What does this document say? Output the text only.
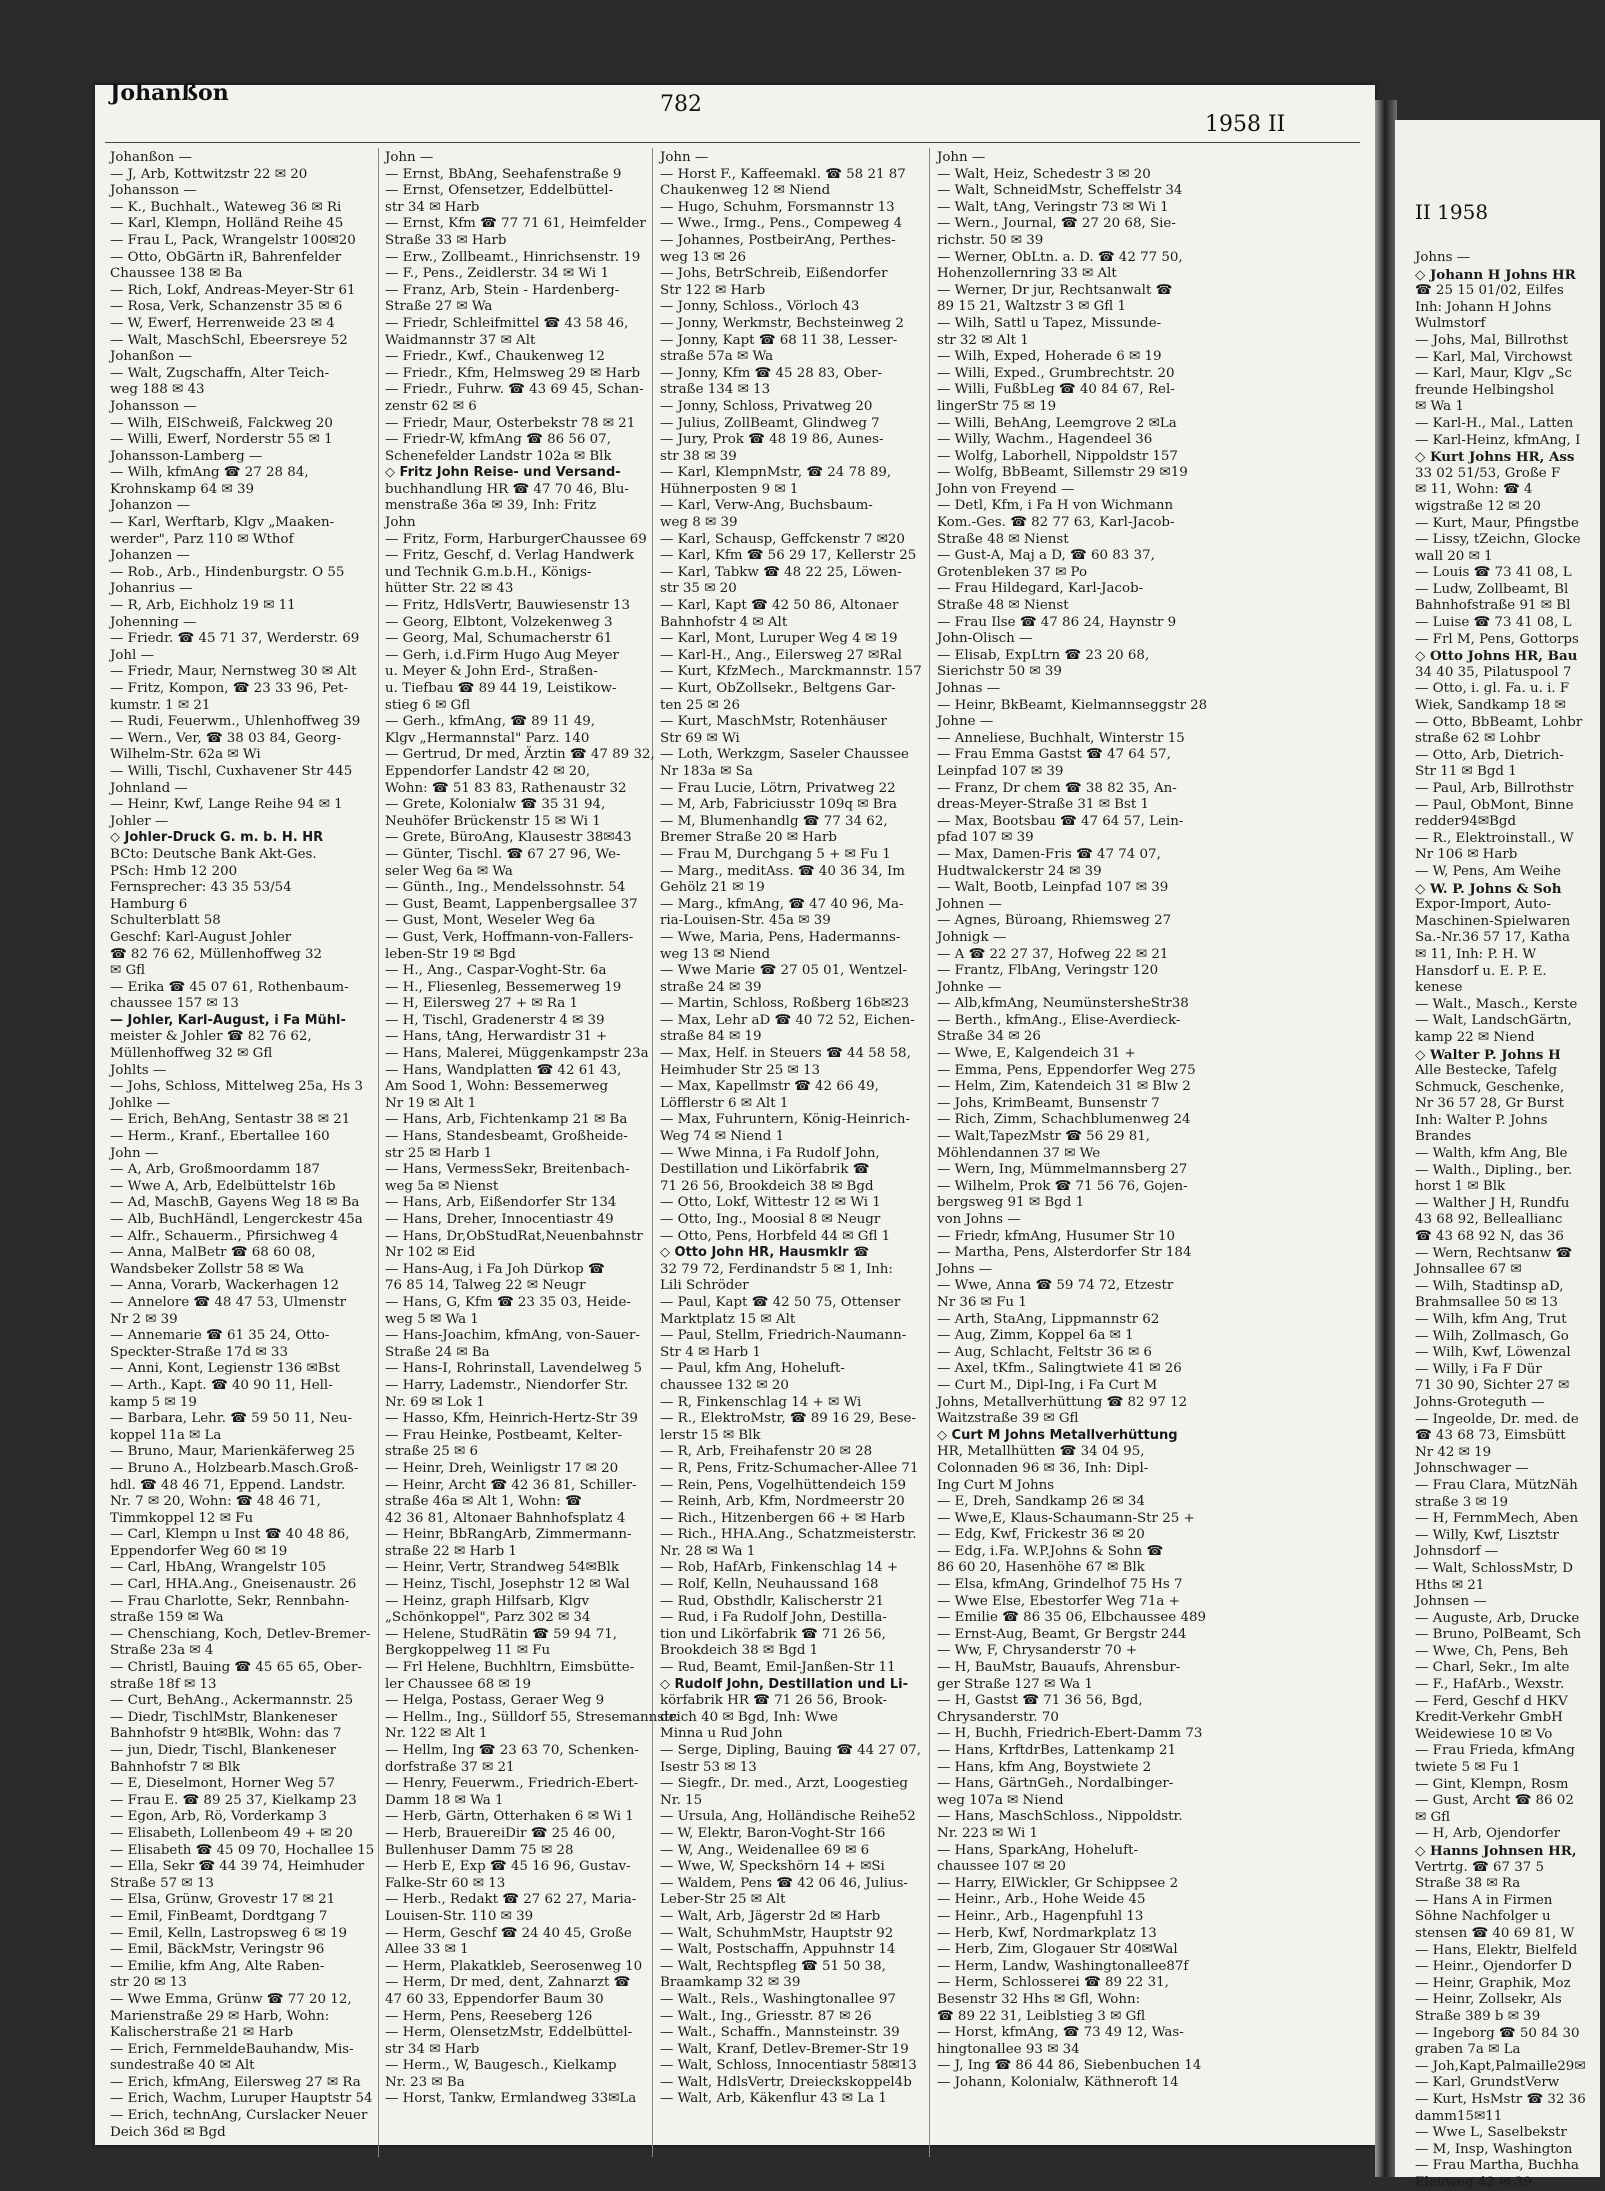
II 1958
Johns —
◇ Johann H Johns HR
☎ 25 15 01/02, Eilfes
Inh: Johann H Johns
Wulmstorf
— Johs, Mal, Billrothst
— Karl, Mal, Virchowst
— Karl, Maur, Klgv „Sc
freunde Helbingshol
✉ Wa 1
— Karl-H., Mal., Latten
— Karl-Heinz, kfmAng, I
◇ Kurt Johns HR, Ass
33 02 51/53, Große F
✉ 11, Wohn: ☎ 4
wigstraße 12 ✉ 20
— Kurt, Maur, Pfingstbe
— Lissy, tZeichn, Glocke
wall 20 ✉ 1
— Louis ☎ 73 41 08, L
— Ludw, Zollbeamt, Bl
Bahnhofstraße 91 ✉ Bl
— Luise ☎ 73 41 08, L
— Frl M, Pens, Gottorps
◇ Otto Johns HR, Bau
34 40 35, Pilatuspool 7
— Otto, i. gl. Fa. u. i. F
Wiek, Sandkamp 18 ✉
— Otto, BbBeamt, Lohbr
straße 62 ✉ Lohbr
— Otto, Arb, Dietrich-
Str 11 ✉ Bgd 1
— Paul, Arb, Billrothstr
— Paul, ObMont, Binne
redder94✉Bgd
— R., Elektroinstall., W
Nr 106 ✉ Harb
— W, Pens, Am Weihe
◇ W. P. Johns & Soh
Expor-Import, Auto-
Maschinen-Spielwaren
Sa.-Nr.36 57 17, Katha
✉ 11, Inh: P. H. W
Hansdorf u. E. P. E.
kenese
— Walt., Masch., Kerste
— Walt, LandschGärtn,
kamp 22 ✉ Niend
◇ Walter P. Johns H
Alle Bestecke, Tafelg
Schmuck, Geschenke,
Nr 36 57 28, Gr Burst
Inh: Walter P. Johns
Brandes
— Walth, kfm Ang, Ble
— Walth., Dipling., ber.
horst 1 ✉ Blk
— Walther J H, Rundfu
43 68 92, Belleallianc
☎ 43 68 92 N, das 36
— Wern, Rechtsanw ☎
Johnsallee 67 ✉
— Wilh, Stadtinsp aD,
Brahmsallee 50 ✉ 13
— Wilh, kfm Ang, Trut
— Wilh, Zollmasch, Go
— Wilh, Kwf, Löwenzal
— Willy, i Fa F Dür
71 30 90, Sichter 27 ✉
Johns-Groteguth —
— Ingeolde, Dr. med. de
☎ 43 68 73, Eimsbütt
Nr 42 ✉ 19
Johnschwager —
— Frau Clara, MützNäh
straße 3 ✉ 19
— H, FernmMech, Aben
— Willy, Kwf, Lisztstr
Johnsdorf —
— Walt, SchlossMstr, D
Hths ✉ 21
Johnsen —
— Auguste, Arb, Drucke
— Bruno, PolBeamt, Sch
— Wwe, Ch, Pens, Beh
— Charl, Sekr., Im alte
— F., HafArb., Wexstr.
— Ferd, Geschf d HKV
Kredit-Verkehr GmbH
Weidewiese 10 ✉ Vo
— Frau Frieda, kfmAng
twiete 5 ✉ Fu 1
— Gint, Klempn, Rosm
— Gust, Archt ☎ 86 02
✉ Gfl
— H, Arb, Ojendorfer
◇ Hanns Johnsen HR,
Vertrtg. ☎ 67 37 5
Straße 38 ✉ Ra
— Hans A in Firmen
Söhne Nachfolger u
stensen ☎ 40 69 81, W
— Hans, Elektr, Bielfeld
— Heinr., Ojendorfer D
— Heinr, Graphik, Moz
— Heinr, Zollsekr, Als
Straße 389 b ✉ 39
— Ingeborg ☎ 50 84 30
graben 7a ✉ La
— Joh,Kapt,Palmaille29✉
— Karl, GrundstVerw
— Kurt, HsMstr ☎ 32 36
damm15✉11
— Wwe L, Saselbekstr
— M, Insp, Washington
— Frau Martha, Buchha
Eleuweg 42 ✉ 39
Johanßon	782
1958 II
Johanßon —
— J, Arb, Kottwitzstr 22 ✉ 20
Johansson —
— K., Buchhalt., Wateweg 36 ✉ Ri
— Karl, Klempn, Holländ Reihe 45
— Frau L, Pack, Wrangelstr 100✉20
— Otto, ObGärtn iR, Bahrenfelder
Chaussee 138 ✉ Ba
— Rich, Lokf, Andreas-Meyer-Str 61
— Rosa, Verk, Schanzenstr 35 ✉ 6
— W, Ewerf, Herrenweide 23 ✉ 4
— Walt, MaschSchl, Ebeersreye 52
Johanßon —
— Walt, Zugschaffn, Alter Teich-
weg 188 ✉ 43
Johansson —
— Wilh, ElSchweiß, Falckweg 20
— Willi, Ewerf, Norderstr 55 ✉ 1
Johansson-Lamberg —
— Wilh, kfmAng ☎ 27 28 84,
Krohnskamp 64 ✉ 39
Johanzon —
— Karl, Werftarb, Klgv „Maaken-
werder", Parz 110 ✉ Wthof
Johanzen —
— Rob., Arb., Hindenburgstr. O 55
Johanrius —
— R, Arb, Eichholz 19 ✉ 11
Johenning —
— Friedr. ☎ 45 71 37, Werderstr. 69
Johl —
— Friedr, Maur, Nernstweg 30 ✉ Alt
— Fritz, Kompon, ☎ 23 33 96, Pet-
kumstr. 1 ✉ 21
— Rudi, Feuerwm., Uhlenhoffweg 39
— Wern., Ver, ☎ 38 03 84, Georg-
Wilhelm-Str. 62a ✉ Wi
— Willi, Tischl, Cuxhavener Str 445
Johnland —
— Heinr, Kwf, Lange Reihe 94 ✉ 1
Johler —
◇ Johler-Druck G. m. b. H. HR
BCto: Deutsche Bank Akt-Ges.
PSch: Hmb 12 200
Fernsprecher: 43 35 53/54
Hamburg 6
Schulterblatt 58
Geschf: Karl-August Johler
☎ 82 76 62, Müllenhoffweg 32
✉ Gfl
— Erika ☎ 45 07 61, Rothenbaum-
chaussee 157 ✉ 13
— Johler, Karl-August, i Fa Mühl-
meister & Johler ☎ 82 76 62,
Müllenhoffweg 32 ✉ Gfl
Johlts —
— Johs, Schloss, Mittelweg 25a, Hs 3
Johlke —
— Erich, BehAng, Sentastr 38 ✉ 21
— Herm., Kranf., Ebertallee 160
John —
— A, Arb, Großmoordamm 187
— Wwe A, Arb, Edelbüttelstr 16b
— Ad, MaschB, Gayens Weg 18 ✉ Ba
— Alb, BuchHändl, Lengerckestr 45a
— Alfr., Schauerm., Pfirsichweg 4
— Anna, MalBetr ☎ 68 60 08,
Wandsbeker Zollstr 58 ✉ Wa
— Anna, Vorarb, Wackerhagen 12
— Annelore ☎ 48 47 53, Ulmenstr
Nr 2 ✉ 39
— Annemarie ☎ 61 35 24, Otto-
Speckter-Straße 17d ✉ 33
— Anni, Kont, Legienstr 136 ✉Bst
— Arth., Kapt. ☎ 40 90 11, Hell-
kamp 5 ✉ 19
— Barbara, Lehr. ☎ 59 50 11, Neu-
koppel 11a ✉ La
— Bruno, Maur, Marienkäferweg 25
— Bruno A., Holzbearb.Masch.Groß-
hdl. ☎ 48 46 71, Eppend. Landstr.
Nr. 7 ✉ 20, Wohn: ☎ 48 46 71,
Timmkoppel 12 ✉ Fu
— Carl, Klempn u Inst ☎ 40 48 86,
Eppendorfer Weg 60 ✉ 19
— Carl, HbAng, Wrangelstr 105
— Carl, HHA.Ang., Gneisenaustr. 26
— Frau Charlotte, Sekr, Rennbahn-
straße 159 ✉ Wa
— Chenschiang, Koch, Detlev-Bremer-
Straße 23a ✉ 4
— Christl, Bauing ☎ 45 65 65, Ober-
straße 18f ✉ 13
— Curt, BehAng., Ackermannstr. 25
— Diedr, TischlMstr, Blankeneser
Bahnhofstr 9 ht✉Blk, Wohn: das 7
— jun, Diedr, Tischl, Blankeneser
Bahnhofstr 7 ✉ Blk
— E, Dieselmont, Horner Weg 57
— Frau E. ☎ 89 25 37, Kielkamp 23
— Egon, Arb, Rö, Vorderkamp 3
— Elisabeth, Lollenbeom 49 + ✉ 20
— Elisabeth ☎ 45 09 70, Hochallee 15
— Ella, Sekr ☎ 44 39 74, Heimhuder
Straße 57 ✉ 13
— Elsa, Grünw, Grovestr 17 ✉ 21
— Emil, FinBeamt, Dordtgang 7
— Emil, Kelln, Lastropsweg 6 ✉ 19
— Emil, BäckMstr, Veringstr 96
— Emilie, kfm Ang, Alte Raben-
str 20 ✉ 13
— Wwe Emma, Grünw ☎ 77 20 12,
Marienstraße 29 ✉ Harb, Wohn:
Kalischerstraße 21 ✉ Harb
— Erich, FernmeldeBauhandw, Mis-
sundestraße 40 ✉ Alt
— Erich, kfmAng, Eilersweg 27 ✉ Ra
— Erich, Wachm, Luruper Hauptstr 54
— Erich, technAng, Curslacker Neuer
Deich 36d ✉ Bgd
John —
— Ernst, BbAng, Seehafenstraße 9
— Ernst, Ofensetzer, Eddelbüttel-
str 34 ✉ Harb
— Ernst, Kfm ☎ 77 71 61, Heimfelder
Straße 33 ✉ Harb
— Erw., Zollbeamt., Hinrichsenstr. 19
— F., Pens., Zeidlerstr. 34 ✉ Wi 1
— Franz, Arb, Stein - Hardenberg-
Straße 27 ✉ Wa
— Friedr, Schleifmittel ☎ 43 58 46,
Waidmannstr 37 ✉ Alt
— Friedr., Kwf., Chaukenweg 12
— Friedr., Kfm, Helmsweg 29 ✉ Harb
— Friedr., Fuhrw. ☎ 43 69 45, Schan-
zenstr 62 ✉ 6
— Friedr, Maur, Osterbekstr 78 ✉ 21
— Friedr-W, kfmAng ☎ 86 56 07,
Schenefelder Landstr 102a ✉ Blk
◇ Fritz John Reise- und Versand-
buchhandlung HR ☎ 47 70 46, Blu-
menstraße 36a ✉ 39, Inh: Fritz
John
— Fritz, Form, HarburgerChaussee 69
— Fritz, Geschf, d. Verlag Handwerk
und Technik G.m.b.H., Königs-
hütter Str. 22 ✉ 43
— Fritz, HdlsVertr, Bauwiesenstr 13
— Georg, Elbtont, Volzekenweg 3
— Georg, Mal, Schumacherstr 61
— Gerh, i.d.Firm Hugo Aug Meyer
u. Meyer & John Erd-, Straßen-
u. Tiefbau ☎ 89 44 19, Leistikow-
stieg 6 ✉ Gfl
— Gerh., kfmAng, ☎ 89 11 49,
Klgv „Hermannstal" Parz. 140
— Gertrud, Dr med, Ärztin ☎ 47 89 32,
Eppendorfer Landstr 42 ✉ 20,
Wohn: ☎ 51 83 83, Rathenaustr 32
— Grete, Kolonialw ☎ 35 31 94,
Neuhöfer Brückenstr 15 ✉ Wi 1
— Grete, BüroAng, Klausestr 38✉43
— Günter, Tischl. ☎ 67 27 96, We-
seler Weg 6a ✉ Wa
— Günth., Ing., Mendelssohnstr. 54
— Gust, Beamt, Lappenbergsallee 37
— Gust, Mont, Weseler Weg 6a
— Gust, Verk, Hoffmann-von-Fallers-
leben-Str 19 ✉ Bgd
— H., Ang., Caspar-Voght-Str. 6a
— H., Fliesenleg, Bessemerweg 19
— H, Eilersweg 27 + ✉ Ra 1
— H, Tischl, Gradenerstr 4 ✉ 39
— Hans, tAng, Herwardistr 31 +
— Hans, Malerei, Müggenkampstr 23a
— Hans, Wandplatten ☎ 42 61 43,
Am Sood 1, Wohn: Bessemerweg
Nr 19 ✉ Alt 1
— Hans, Arb, Fichtenkamp 21 ✉ Ba
— Hans, Standesbeamt, Großheide-
str 25 ✉ Harb 1
— Hans, VermessSekr, Breitenbach-
weg 5a ✉ Nienst
— Hans, Arb, Eißendorfer Str 134
— Hans, Dreher, Innocentiastr 49
— Hans, Dr,ObStudRat,Neuenbahnstr
Nr 102 ✉ Eid
— Hans-Aug, i Fa Joh Dürkop ☎
76 85 14, Talweg 22 ✉ Neugr
— Hans, G, Kfm ☎ 23 35 03, Heide-
weg 5 ✉ Wa 1
— Hans-Joachim, kfmAng, von-Sauer-
Straße 24 ✉ Ba
— Hans-I, Rohrinstall, Lavendelweg 5
— Harry, Lademstr., Niendorfer Str.
Nr. 69 ✉ Lok 1
— Hasso, Kfm, Heinrich-Hertz-Str 39
— Frau Heinke, Postbeamt, Kelter-
straße 25 ✉ 6
— Heinr, Dreh, Weinligstr 17 ✉ 20
— Heinr, Archt ☎ 42 36 81, Schiller-
straße 46a ✉ Alt 1, Wohn: ☎
42 36 81, Altonaer Bahnhofsplatz 4
— Heinr, BbRangArb, Zimmermann-
straße 22 ✉ Harb 1
— Heinr, Vertr, Strandweg 54✉Blk
— Heinz, Tischl, Josephstr 12 ✉ Wal
— Heinz, graph Hilfsarb, Klgv
„Schönkoppel", Parz 302 ✉ 34
— Helene, StudRätin ☎ 59 94 71,
Bergkoppelweg 11 ✉ Fu
— Frl Helene, Buchhltrn, Eimsbütte-
ler Chaussee 68 ✉ 19
— Helga, Postass, Geraer Weg 9
— Hellm., Ing., Sülldorf 55, Stresemannstr.
Nr. 122 ✉ Alt 1
— Hellm, Ing ☎ 23 63 70, Schenken-
dorfstraße 37 ✉ 21
— Henry, Feuerwm., Friedrich-Ebert-
Damm 18 ✉ Wa 1
— Herb, Gärtn, Otterhaken 6 ✉ Wi 1
— Herb, BrauereiDir ☎ 25 46 00,
Bullenhuser Damm 75 ✉ 28
— Herb E, Exp ☎ 45 16 96, Gustav-
Falke-Str 60 ✉ 13
— Herb., Redakt ☎ 27 62 27, Maria-
Louisen-Str. 110 ✉ 39
— Herm, Geschf ☎ 24 40 45, Große
Allee 33 ✉ 1
— Herm, Plakatkleb, Seerosenweg 10
— Herm, Dr med, dent, Zahnarzt ☎
47 60 33, Eppendorfer Baum 30
— Herm, Pens, Reeseberg 126
— Herm, OlensetzMstr, Eddelbüttel-
str 34 ✉ Harb
— Herm., W, Baugesch., Kielkamp
Nr. 23 ✉ Ba
— Horst, Tankw, Ermlandweg 33✉La
John —
— Horst F., Kaffeemakl. ☎ 58 21 87
Chaukenweg 12 ✉ Niend
— Hugo, Schuhm, Forsmannstr 13
— Wwe., Irmg., Pens., Compeweg 4
— Johannes, PostbeirAng, Perthes-
weg 13 ✉ 26
— Johs, BetrSchreib, Eißendorfer
Str 122 ✉ Harb
— Jonny, Schloss., Vörloch 43
— Jonny, Werkmstr, Bechsteinweg 2
— Jonny, Kapt ☎ 68 11 38, Lesser-
straße 57a ✉ Wa
— Jonny, Kfm ☎ 45 28 83, Ober-
straße 134 ✉ 13
— Jonny, Schloss, Privatweg 20
— Julius, ZollBeamt, Glindweg 7
— Jury, Prok ☎ 48 19 86, Aunes-
str 38 ✉ 39
— Karl, KlempnMstr, ☎ 24 78 89,
Hühnerposten 9 ✉ 1
— Karl, Verw-Ang, Buchsbaum-
weg 8 ✉ 39
— Karl, Schausp, Geffckenstr 7 ✉20
— Karl, Kfm ☎ 56 29 17, Kellerstr 25
— Karl, Tabkw ☎ 48 22 25, Löwen-
str 35 ✉ 20
— Karl, Kapt ☎ 42 50 86, Altonaer
Bahnhofstr 4 ✉ Alt
— Karl, Mont, Luruper Weg 4 ✉ 19
— Karl-H., Ang., Eilersweg 27 ✉Ral
— Kurt, KfzMech., Marckmannstr. 157
— Kurt, ObZollsekr., Beltgens Gar-
ten 25 ✉ 26
— Kurt, MaschMstr, Rotenhäuser
Str 69 ✉ Wi
— Loth, Werkzgm, Saseler Chaussee
Nr 183a ✉ Sa
— Frau Lucie, Lötrn, Privatweg 22
— M, Arb, Fabriciusstr 109q ✉ Bra
— M, Blumenhandlg ☎ 77 34 62,
Bremer Straße 20 ✉ Harb
— Frau M, Durchgang 5 + ✉ Fu 1
— Marg., meditAss. ☎ 40 36 34, Im
Gehölz 21 ✉ 19
— Marg., kfmAng, ☎ 47 40 96, Ma-
ria-Louisen-Str. 45a ✉ 39
— Wwe, Maria, Pens, Hadermanns-
weg 13 ✉ Niend
— Wwe Marie ☎ 27 05 01, Wentzel-
straße 24 ✉ 39
— Martin, Schloss, Roßberg 16b✉23
— Max, Lehr aD ☎ 40 72 52, Eichen-
straße 84 ✉ 19
— Max, Helf. in Steuers ☎ 44 58 58,
Heimhuder Str 25 ✉ 13
— Max, Kapellmstr ☎ 42 66 49,
Löfflerstr 6 ✉ Alt 1
— Max, Fuhruntern, König-Heinrich-
Weg 74 ✉ Niend 1
— Wwe Minna, i Fa Rudolf John,
Destillation und Likörfabrik ☎
71 26 56, Brookdeich 38 ✉ Bgd
— Otto, Lokf, Wittestr 12 ✉ Wi 1
— Otto, Ing., Moosial 8 ✉ Neugr
— Otto, Pens, Horbfeld 44 ✉ Gfl 1
◇ Otto John HR, Hausmklr ☎
32 79 72, Ferdinandstr 5 ✉ 1, Inh:
Lili Schröder
— Paul, Kapt ☎ 42 50 75, Ottenser
Marktplatz 15 ✉ Alt
— Paul, Stellm, Friedrich-Naumann-
Str 4 ✉ Harb 1
— Paul, kfm Ang, Hoheluft-
chaussee 132 ✉ 20
— R, Finkenschlag 14 + ✉ Wi
— R., ElektroMstr, ☎ 89 16 29, Bese-
lerstr 15 ✉ Blk
— R, Arb, Freihafenstr 20 ✉ 28
— R, Pens, Fritz-Schumacher-Allee 71
— Rein, Pens, Vogelhüttendeich 159
— Reinh, Arb, Kfm, Nordmeerstr 20
— Rich., Hitzenbergen 66 + ✉ Harb
— Rich., HHA.Ang., Schatzmeisterstr.
Nr. 28 ✉ Wa 1
— Rob, HafArb, Finkenschlag 14 +
— Rolf, Kelln, Neuhaussand 168
— Rud, Obsthdlr, Kalischerstr 21
— Rud, i Fa Rudolf John, Destilla-
tion und Likörfabrik ☎ 71 26 56,
Brookdeich 38 ✉ Bgd 1
— Rud, Beamt, Emil-Janßen-Str 11
◇ Rudolf John, Destillation und Li-
körfabrik HR ☎ 71 26 56, Brook-
deich 40 ✉ Bgd, Inh: Wwe
Minna u Rud John
— Serge, Dipling, Bauing ☎ 44 27 07,
Isestr 53 ✉ 13
— Siegfr., Dr. med., Arzt, Loogestieg
Nr. 15
— Ursula, Ang, Holländische Reihe52
— W, Elektr, Baron-Voght-Str 166
— W, Ang., Weidenallee 69 ✉ 6
— Wwe, W, Speckshörn 14 + ✉Si
— Waldem, Pens ☎ 42 06 46, Julius-
Leber-Str 25 ✉ Alt
— Walt, Arb, Jägerstr 2d ✉ Harb
— Walt, SchuhmMstr, Hauptstr 92
— Walt, Postschaffn, Appuhnstr 14
— Walt, Rechtspfleg ☎ 51 50 38,
Braamkamp 32 ✉ 39
— Walt., Rels., Washingtonallee 97
— Walt., Ing., Griesstr. 87 ✉ 26
— Walt., Schaffn., Mannsteinstr. 39
— Walt, Kranf, Detlev-Bremer-Str 19
— Walt, Schloss, Innocentiastr 58✉13
— Walt, HdlsVertr, Dreieckskoppel4b
— Walt, Arb, Käkenflur 43 ✉ La 1
John —
— Walt, Heiz, Schedestr 3 ✉ 20
— Walt, SchneidMstr, Scheffelstr 34
— Walt, tAng, Veringstr 73 ✉ Wi 1
— Wern., Journal, ☎ 27 20 68, Sie-
richstr. 50 ✉ 39
— Werner, ObLtn. a. D. ☎ 42 77 50,
Hohenzollernring 33 ✉ Alt
— Werner, Dr jur, Rechtsanwalt ☎
89 15 21, Waltzstr 3 ✉ Gfl 1
— Wilh, Sattl u Tapez, Missunde-
str 32 ✉ Alt 1
— Wilh, Exped, Hoherade 6 ✉ 19
— Willi, Exped., Grumbrechtstr. 20
— Willi, FußbLeg ☎ 40 84 67, Rel-
lingerStr 75 ✉ 19
— Willi, BehAng, Leemgrove 2 ✉La
— Willy, Wachm., Hagendeel 36
— Wolfg, Laborhell, Nippoldstr 157
— Wolfg, BbBeamt, Sillemstr 29 ✉19
John von Freyend —
— Detl, Kfm, i Fa H von Wichmann
Kom.-Ges. ☎ 82 77 63, Karl-Jacob-
Straße 48 ✉ Nienst
— Gust-A, Maj a D, ☎ 60 83 37,
Grotenbleken 37 ✉ Po
— Frau Hildegard, Karl-Jacob-
Straße 48 ✉ Nienst
— Frau Ilse ☎ 47 86 24, Haynstr 9
John-Olisch —
— Elisab, ExpLtrn ☎ 23 20 68,
Sierichstr 50 ✉ 39
Johnas —
— Heinr, BkBeamt, Kielmannseggstr 28
Johne —
— Anneliese, Buchhalt, Winterstr 15
— Frau Emma Gastst ☎ 47 64 57,
Leinpfad 107 ✉ 39
— Franz, Dr chem ☎ 38 82 35, An-
dreas-Meyer-Straße 31 ✉ Bst 1
— Max, Bootsbau ☎ 47 64 57, Lein-
pfad 107 ✉ 39
— Max, Damen-Fris ☎ 47 74 07,
Hudtwalckerstr 24 ✉ 39
— Walt, Bootb, Leinpfad 107 ✉ 39
Johnen —
— Agnes, Büroang, Rhiemsweg 27
Johnigk —
— A ☎ 22 27 37, Hofweg 22 ✉ 21
— Frantz, FlbAng, Veringstr 120
Johnke —
— Alb,kfmAng, NeumünstersheStr38
— Berth., kfmAng., Elise-Averdieck-
Straße 34 ✉ 26
— Wwe, E, Kalgendeich 31 +
— Emma, Pens, Eppendorfer Weg 275
— Helm, Zim, Katendeich 31 ✉ Blw 2
— Johs, KrimBeamt, Bunsenstr 7
— Rich, Zimm, Schachblumenweg 24
— Walt,TapezMstr ☎ 56 29 81,
Möhlendannen 37 ✉ We
— Wern, Ing, Mümmelmannsberg 27
— Wilhelm, Prok ☎ 71 56 76, Gojen-
bergsweg 91 ✉ Bgd 1
von Johns —
— Friedr, kfmAng, Husumer Str 10
— Martha, Pens, Alsterdorfer Str 184
Johns —
— Wwe, Anna ☎ 59 74 72, Etzestr
Nr 36 ✉ Fu 1
— Arth, StaAng, Lippmannstr 62
— Aug, Zimm, Koppel 6a ✉ 1
— Aug, Schlacht, Feltstr 36 ✉ 6
— Axel, tKfm., Salingtwiete 41 ✉ 26
— Curt M., Dipl-Ing, i Fa Curt M
Johns, Metallverhüttung ☎ 82 97 12
Waitzstraße 39 ✉ Gfl
◇ Curt M Johns Metallverhüttung
HR, Metallhütten ☎ 34 04 95,
Colonnaden 96 ✉ 36, Inh: Dipl-
Ing Curt M Johns
— E, Dreh, Sandkamp 26 ✉ 34
— Wwe,E, Klaus-Schaumann-Str 25 +
— Edg, Kwf, Frickestr 36 ✉ 20
— Edg, i.Fa. W.P.Johns & Sohn ☎
86 60 20, Hasenhöhe 67 ✉ Blk
— Elsa, kfmAng, Grindelhof 75 Hs 7
— Wwe Else, Ebestorfer Weg 71a +
— Emilie ☎ 86 35 06, Elbchaussee 489
— Ernst-Aug, Beamt, Gr Bergstr 244
— Ww, F, Chrysanderstr 70 +
— H, BauMstr, Bauaufs, Ahrensbur-
ger Straße 127 ✉ Wa 1
— H, Gastst ☎ 71 36 56, Bgd,
Chrysanderstr. 70
— H, Buchh, Friedrich-Ebert-Damm 73
— Hans, KrftdrBes, Lattenkamp 21
— Hans, kfm Ang, Boystwiete 2
— Hans, GärtnGeh., Nordalbinger-
weg 107a ✉ Niend
— Hans, MaschSchloss., Nippoldstr.
Nr. 223 ✉ Wi 1
— Hans, SparkAng, Hoheluft-
chaussee 107 ✉ 20
— Harry, ElWickler, Gr Schippsee 2
— Heinr., Arb., Hohe Weide 45
— Heinr., Arb., Hagenpfuhl 13
— Herb, Kwf, Nordmarkplatz 13
— Herb, Zim, Glogauer Str 40✉Wal
— Herm, Landw, Washingtonallee87f
— Herm, Schlosserei ☎ 89 22 31,
Besenstr 32 Hhs ✉ Gfl, Wohn:
☎ 89 22 31, Leiblstieg 3 ✉ Gfl
— Horst, kfmAng, ☎ 73 49 12, Was-
hingtonallee 93 ✉ 34
— J, Ing ☎ 86 44 86, Siebenbuchen 14
— Johann, Kolonialw, Käthneroft 14
